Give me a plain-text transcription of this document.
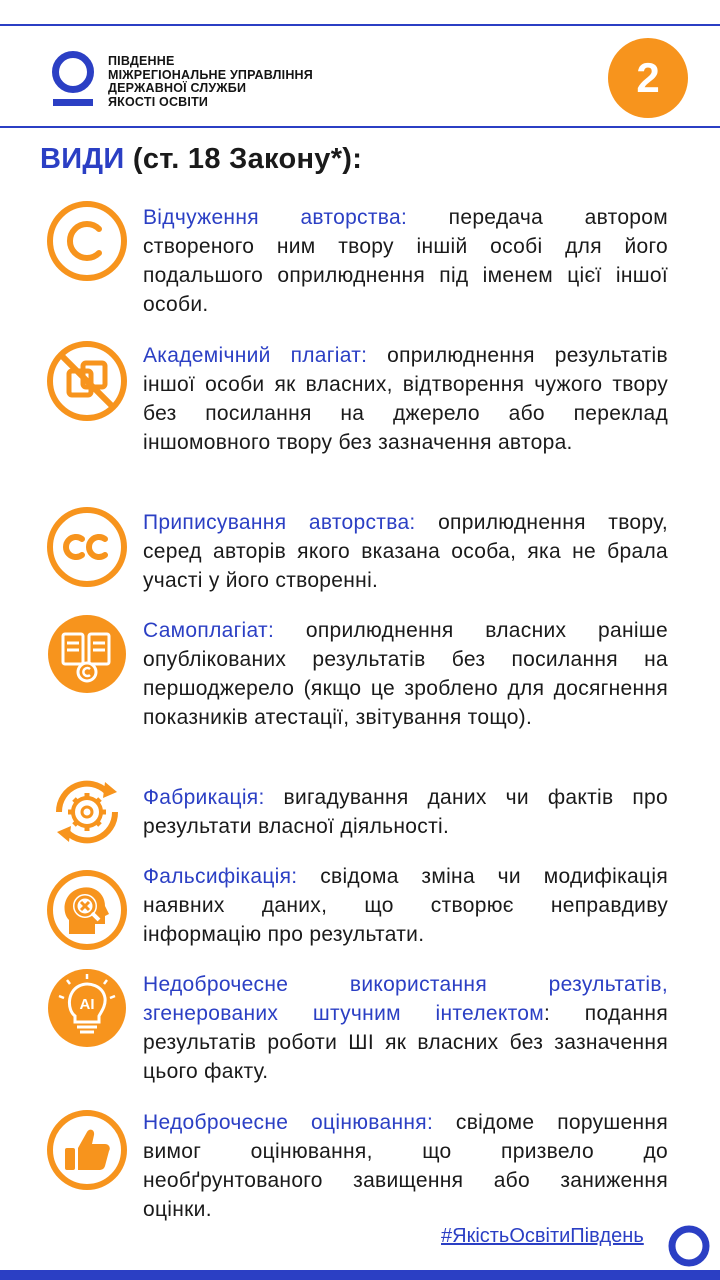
ПІВДЕННЕ
МІЖРЕГІОНАЛЬНЕ УПРАВЛІННЯ
ДЕРЖАВНОЇ СЛУЖБИ
ЯКОСТІ ОСВІТИ
2
ВИДИ (ст. 18 Закону*):
Відчуження авторства: передача автором створеного ним твору іншій особі для його подальшого оприлюднення під іменем цієї іншої особи.
Академічний плагіат: оприлюднення результатів іншої особи як власних, відтворення чужого твору без посилання на джерело або переклад іншомовного твору без зазначення автора.
Приписування авторства: оприлюднення твору, серед авторів якого вказана особа, яка не брала участі у його створенні.
Самоплагіат: оприлюднення власних раніше опублікованих результатів без посилання на першоджерело (якщо це зроблено для досягнення показників атестації, звітування тощо).
Фабрикація: вигадування даних чи фактів про результати власної діяльності.
Фальсифікація: свідома зміна чи модифікація наявних даних, що створює неправдиву інформацію про результати.
AI
Недоброчесне використання результатів, згенерованих штучним інтелектом: подання результатів роботи ШІ як власних без зазначення цього факту.
Недоброчесне оцінювання: свідоме порушення вимог оцінювання, що призвело до необґрунтованого завищення або заниження оцінки.
#ЯкістьОсвітиПівдень
